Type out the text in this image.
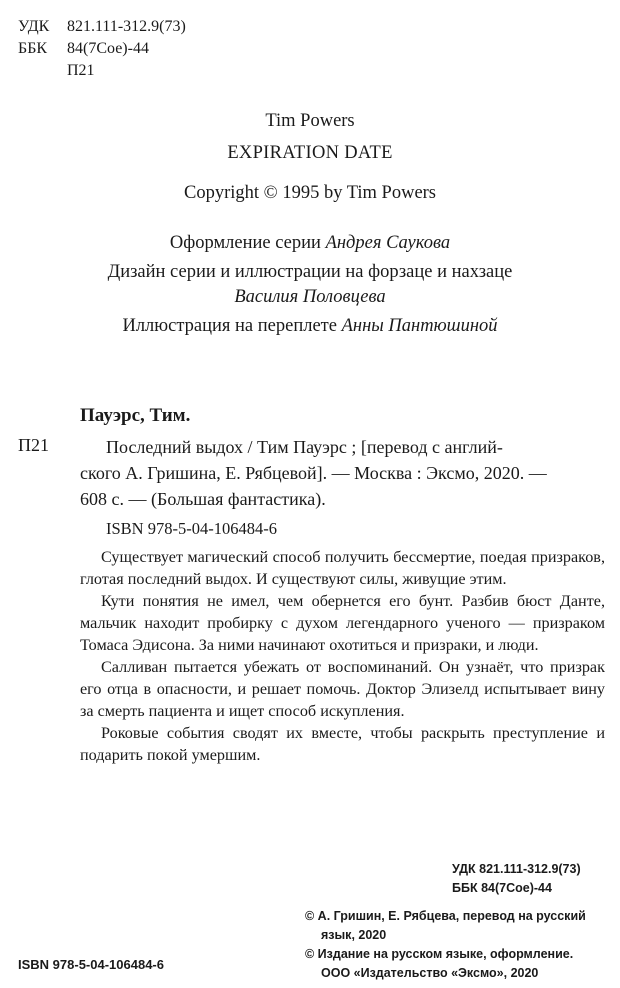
УДК 821.111-312.9(73)
ББК 84(7Сое)-44
П21
Tim Powers
EXPIRATION DATE
Copyright © 1995 by Tim Powers
Оформление серии Андрея Саукова
Дизайн серии и иллюстрации на форзаце и нахзаце
Василия Половцева
Иллюстрация на переплете Анны Пантюшиной
Пауэрс, Тим.
П21	Последний выдох / Тим Пауэрс ; [перевод с англий-
ского А. Гришина, Е. Рябцевой]. — Москва : Эксмо, 2020. —
608 с. — (Большая фантастика).
ISBN 978-5-04-106484-6

Существует магический способ получить бессмертие, поедая призраков, глотая последний выдох. И существуют силы, живущие этим.

Кути понятия не имел, чем обернется его бунт. Разбив бюст Данте, мальчик находит пробирку с духом легендарного ученого — призраком Томаса Эдисона. За ними начинают охотиться и призраки, и люди.

Салливан пытается убежать от воспоминаний. Он узнаёт, что призрак его отца в опасности, и решает помочь. Доктор Элизелд испытывает вину за смерть пациента и ищет способ искупления.

Роковые события сводят их вместе, чтобы раскрыть преступление и подарить покой умершим.

УДК 821.111-312.9(73)
ББК 84(7Сое)-44
ISBN 978-5-04-106484-6
© А. Гришин, Е. Рябцева, перевод на русский
язык, 2020
© Издание на русском языке, оформление.
ООО «Издательство «Эксмо», 2020
